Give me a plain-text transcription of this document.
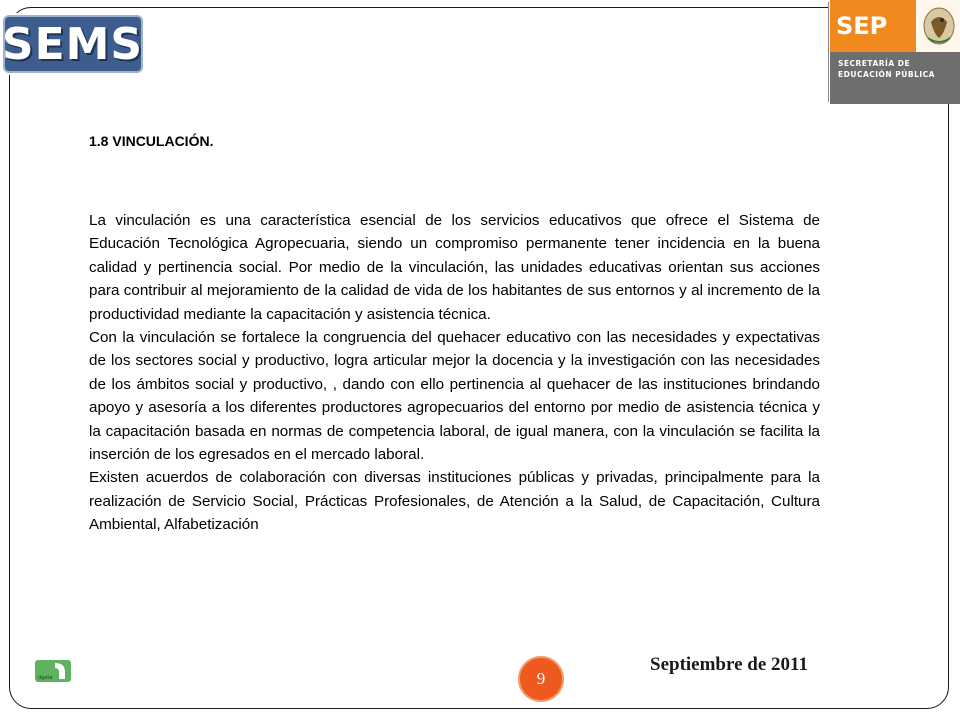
SEMS	SEP
SECRETARÍA DE
EDUCACIÓN PÚBLICA
1.8 VINCULACIÓN.

La vinculación es una característica esencial de los servicios educativos que ofrece el Sistema de Educación Tecnológica Agropecuaria, siendo un compromiso permanente tener incidencia en la buena calidad y pertinencia social. Por medio de la vinculación, las unidades educativas orientan sus acciones para contribuir al mejoramiento de la calidad de vida de los habitantes de sus entornos y al incremento de la productividad mediante la capacitación y asistencia técnica.

Con la vinculación se fortalece la congruencia del quehacer educativo con las necesidades y expectativas de los sectores social y productivo, logra articular mejor la docencia y la investigación con las necesidades de los ámbitos social y productivo, , dando con ello pertinencia al quehacer de las instituciones brindando apoyo y asesoría a los diferentes productores agropecuarios del entorno por medio de asistencia técnica y la capacitación basada en normas de competencia laboral, de igual manera, con la vinculación se facilita la inserción de los egresados en el mercado laboral.

Existen acuerdos de colaboración con diversas instituciones públicas y privadas, principalmente para la realización de Servicio Social, Prácticas Profesionales, de Atención a la Salud, de Capacitación, Cultura Ambiental, Alfabetización

dgeta	9
Septiembre de 2011
